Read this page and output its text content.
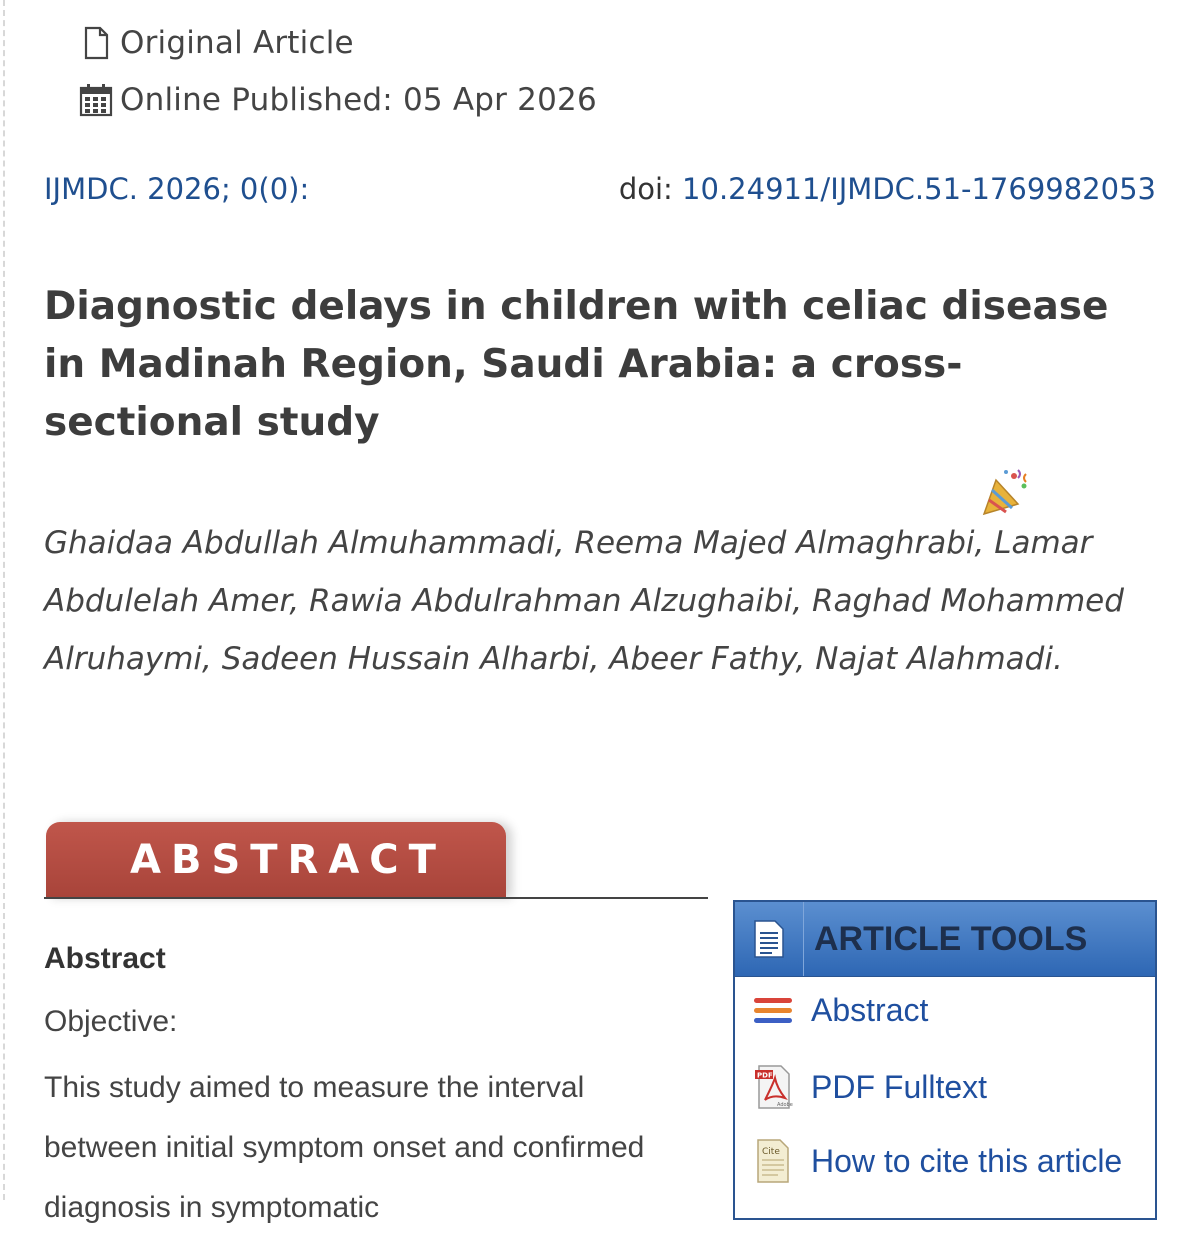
Original Article
Online Published: 05 Apr 2026
IJMDC. 2026; 0(0):	doi: 10.24911/IJMDC.51-1769982053
Diagnostic delays in children with celiac disease in Madinah Region, Saudi Arabia: a cross-sectional study

Ghaidaa Abdullah Almuhammadi, Reema Majed Almaghrabi, Lamar Abdulelah Amer, Rawia Abdulrahman Alzughaibi, Raghad Mohammed Alruhaymi, Sadeen Hussain Alharbi, Abeer Fathy, Najat Alahmadi.

ABSTRACT
Abstract
Objective:

This study aimed to measure the interval between initial symptom onset and confirmed diagnosis in symptomatic

ARTICLE TOOLS
Abstract
PDF
Adobe
PDF Fulltext
Cite How to cite this article
